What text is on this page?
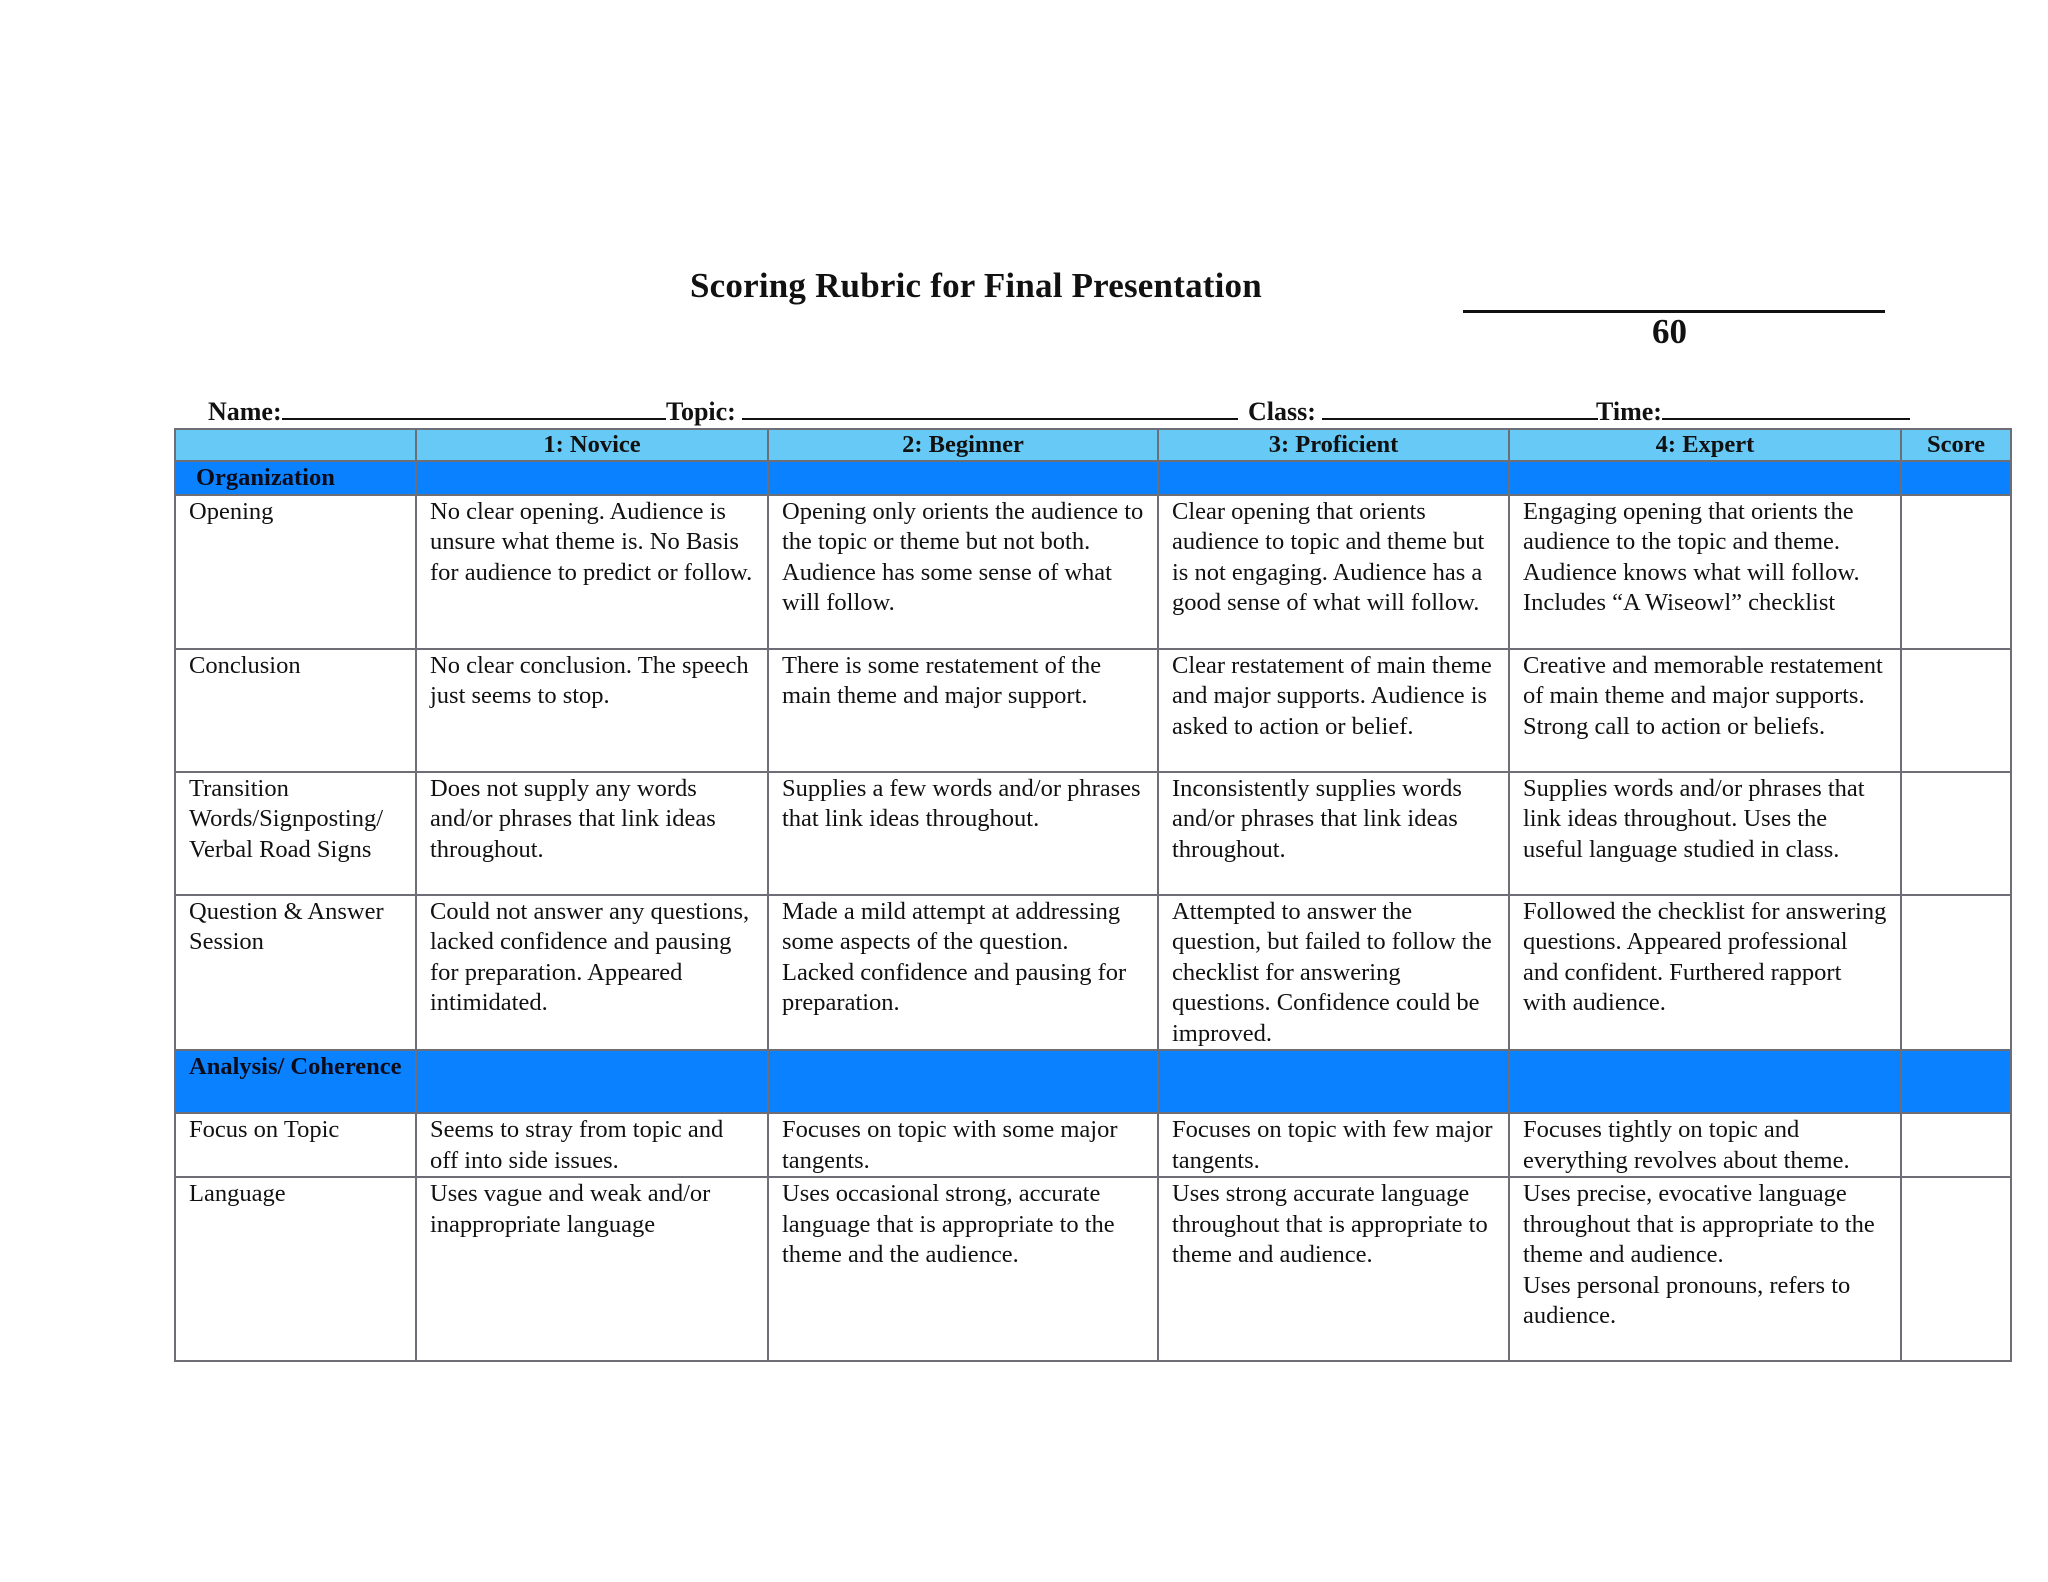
Scoring Rubric for Final Presentation
60
Name:	Topic:	Class:	Time:
	1: Novice	2: Beginner	3: Proficient	4: Expert	Score
Organization					
Opening	No clear opening. Audience is unsure what theme is. No Basis for audience to predict or follow.	Opening only orients the audience to the topic or theme but not both. Audience has some sense of what will follow.	Clear opening that orients audience to topic and theme but is not engaging. Audience has a good sense of what will follow.	Engaging opening that orients the audience to the topic and theme. Audience knows what will follow. Includes “A Wiseowl” checklist	
Conclusion	No clear conclusion. The speech just seems to stop.	There is some restatement of the main theme and major support.	Clear restatement of main theme and major supports. Audience is asked to action or belief.	Creative and memorable restatement of main theme and major supports. Strong call to action or beliefs.	
Transition Words/Signposting/ Verbal Road Signs	Does not supply any words and/or phrases that link ideas throughout.	Supplies a few words and/or phrases that link ideas throughout.	Inconsistently supplies words and/or phrases that link ideas throughout.	Supplies words and/or phrases that link ideas throughout. Uses the useful language studied in class.	
Question & Answer Session	Could not answer any questions, lacked confidence and pausing for preparation. Appeared intimidated.	Made a mild attempt at addressing some aspects of the question. Lacked confidence and pausing for preparation.	Attempted to answer the question, but failed to follow the checklist for answering questions. Confidence could be improved.	Followed the checklist for answering questions. Appeared professional and confident. Furthered rapport with audience.	
Analysis/ Coherence					
Focus on Topic	Seems to stray from topic and off into side issues.	Focuses on topic with some major tangents.	Focuses on topic with few major tangents.	Focuses tightly on topic and everything revolves about theme.	
Language	Uses vague and weak and/or inappropriate language	Uses occasional strong, accurate language that is appropriate to the theme and the audience.	Uses strong accurate language throughout that is appropriate to theme and audience.	Uses precise, evocative language throughout that is appropriate to the theme and audience.
Uses personal pronouns, refers to audience.	
